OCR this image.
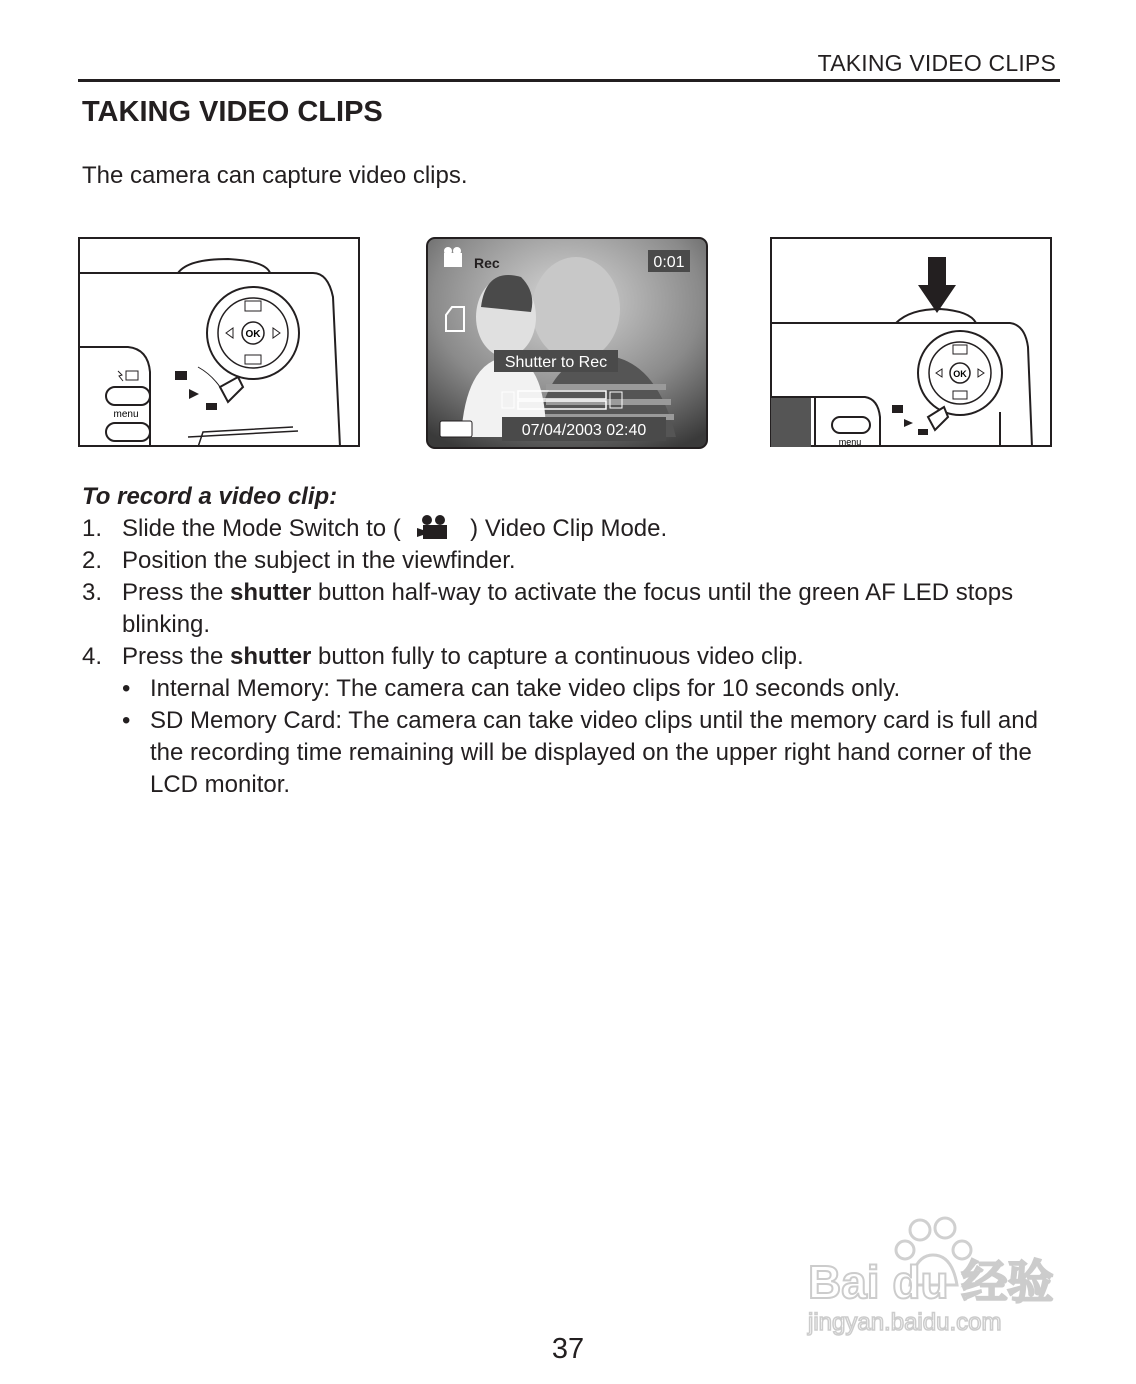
TAKING VIDEO CLIPS
TAKING VIDEO CLIPS
The camera can capture video clips.
OK
menu
Rec	0:01
Shutter to Rec
07/04/2003 02:40
OK
menu
To record a video clip:
1. Slide the Mode Switch to (	) Video Clip Mode.
2. Position the subject in the viewfinder.
3. Press the shutter button half-way to activate the focus until the green AF LED stops blinking.
4. Press the shutter button fully to capture a continuous video clip.
• Internal Memory: The camera can take video clips for 10 seconds only.
• SD Memory Card: The camera can take video clips until the memory card is full and the recording time remaining will be displayed on the upper right hand corner of the LCD monitor.
Bai du 经验
jingyan.baidu.com
37
